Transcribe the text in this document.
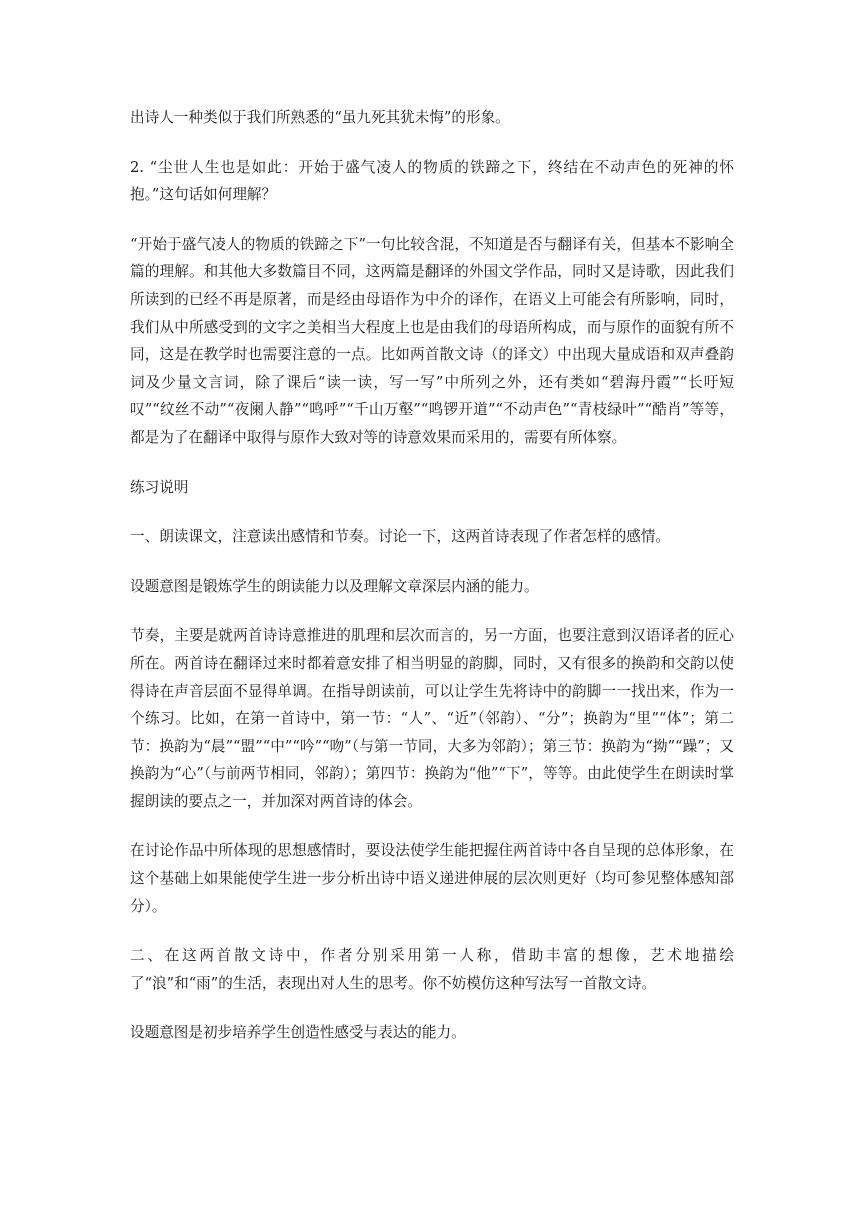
出诗人一种类似于我们所熟悉的“虽九死其犹未悔”的形象。

2. “尘世人生也是如此：开始于盛气凌人的物质的铁蹄之下，终结在不动声色的死神的怀抱。”这句话如何理解？

“开始于盛气凌人的物质的铁蹄之下”一句比较含混，不知道是否与翻译有关，但基本不影响全篇的理解。和其他大多数篇目不同，这两篇是翻译的外国文学作品，同时又是诗歌，因此我们所读到的已经不再是原著，而是经由母语作为中介的译作，在语义上可能会有所影响，同时，我们从中所感受到的文字之美相当大程度上也是由我们的母语所构成，而与原作的面貌有所不同，这是在教学时也需要注意的一点。比如两首散文诗（的译文）中出现大量成语和双声叠韵词及少量文言词，除了课后“读一读，写一写”中所列之外，还有类如“碧海丹霞”“长吁短叹”“纹丝不动”“夜阑人静”“鸣呼”“千山万壑”“鸣锣开道”“不动声色”“青枝绿叶”“酷肖”等等，都是为了在翻译中取得与原作大致对等的诗意效果而采用的，需要有所体察。

练习说明

一、朗读课文，注意读出感情和节奏。讨论一下，这两首诗表现了作者怎样的感情。

设题意图是锻炼学生的朗读能力以及理解文章深层内涵的能力。

节奏，主要是就两首诗诗意推进的肌理和层次而言的，另一方面，也要注意到汉语译者的匠心所在。两首诗在翻译过来时都着意安排了相当明显的韵脚，同时，又有很多的换韵和交韵以使得诗在声音层面不显得单调。在指导朗读前，可以让学生先将诗中的韵脚一一找出来，作为一个练习。比如，在第一首诗中，第一节：“人”、“近”（邻韵）、“分”；换韵为“里”“体”；第二节：换韵为“晨”“盟”“中”“吟”“吻”（与第一节同，大多为邻韵）；第三节：换韵为“拗”“躁”；又换韵为“心”（与前两节相同，邻韵）；第四节：换韵为“他”“下”，等等。由此使学生在朗读时掌握朗读的要点之一，并加深对两首诗的体会。

在讨论作品中所体现的思想感情时，要设法使学生能把握住两首诗中各自呈现的总体形象，在这个基础上如果能使学生进一步分析出诗中语义递进伸展的层次则更好（均可参见整体感知部分）。

二、在这两首散文诗中，作者分别采用第一人称，借助丰富的想像，艺术地描绘了“浪”和“雨”的生活，表现出对人生的思考。你不妨模仿这种写法写一首散文诗。

设题意图是初步培养学生创造性感受与表达的能力。
